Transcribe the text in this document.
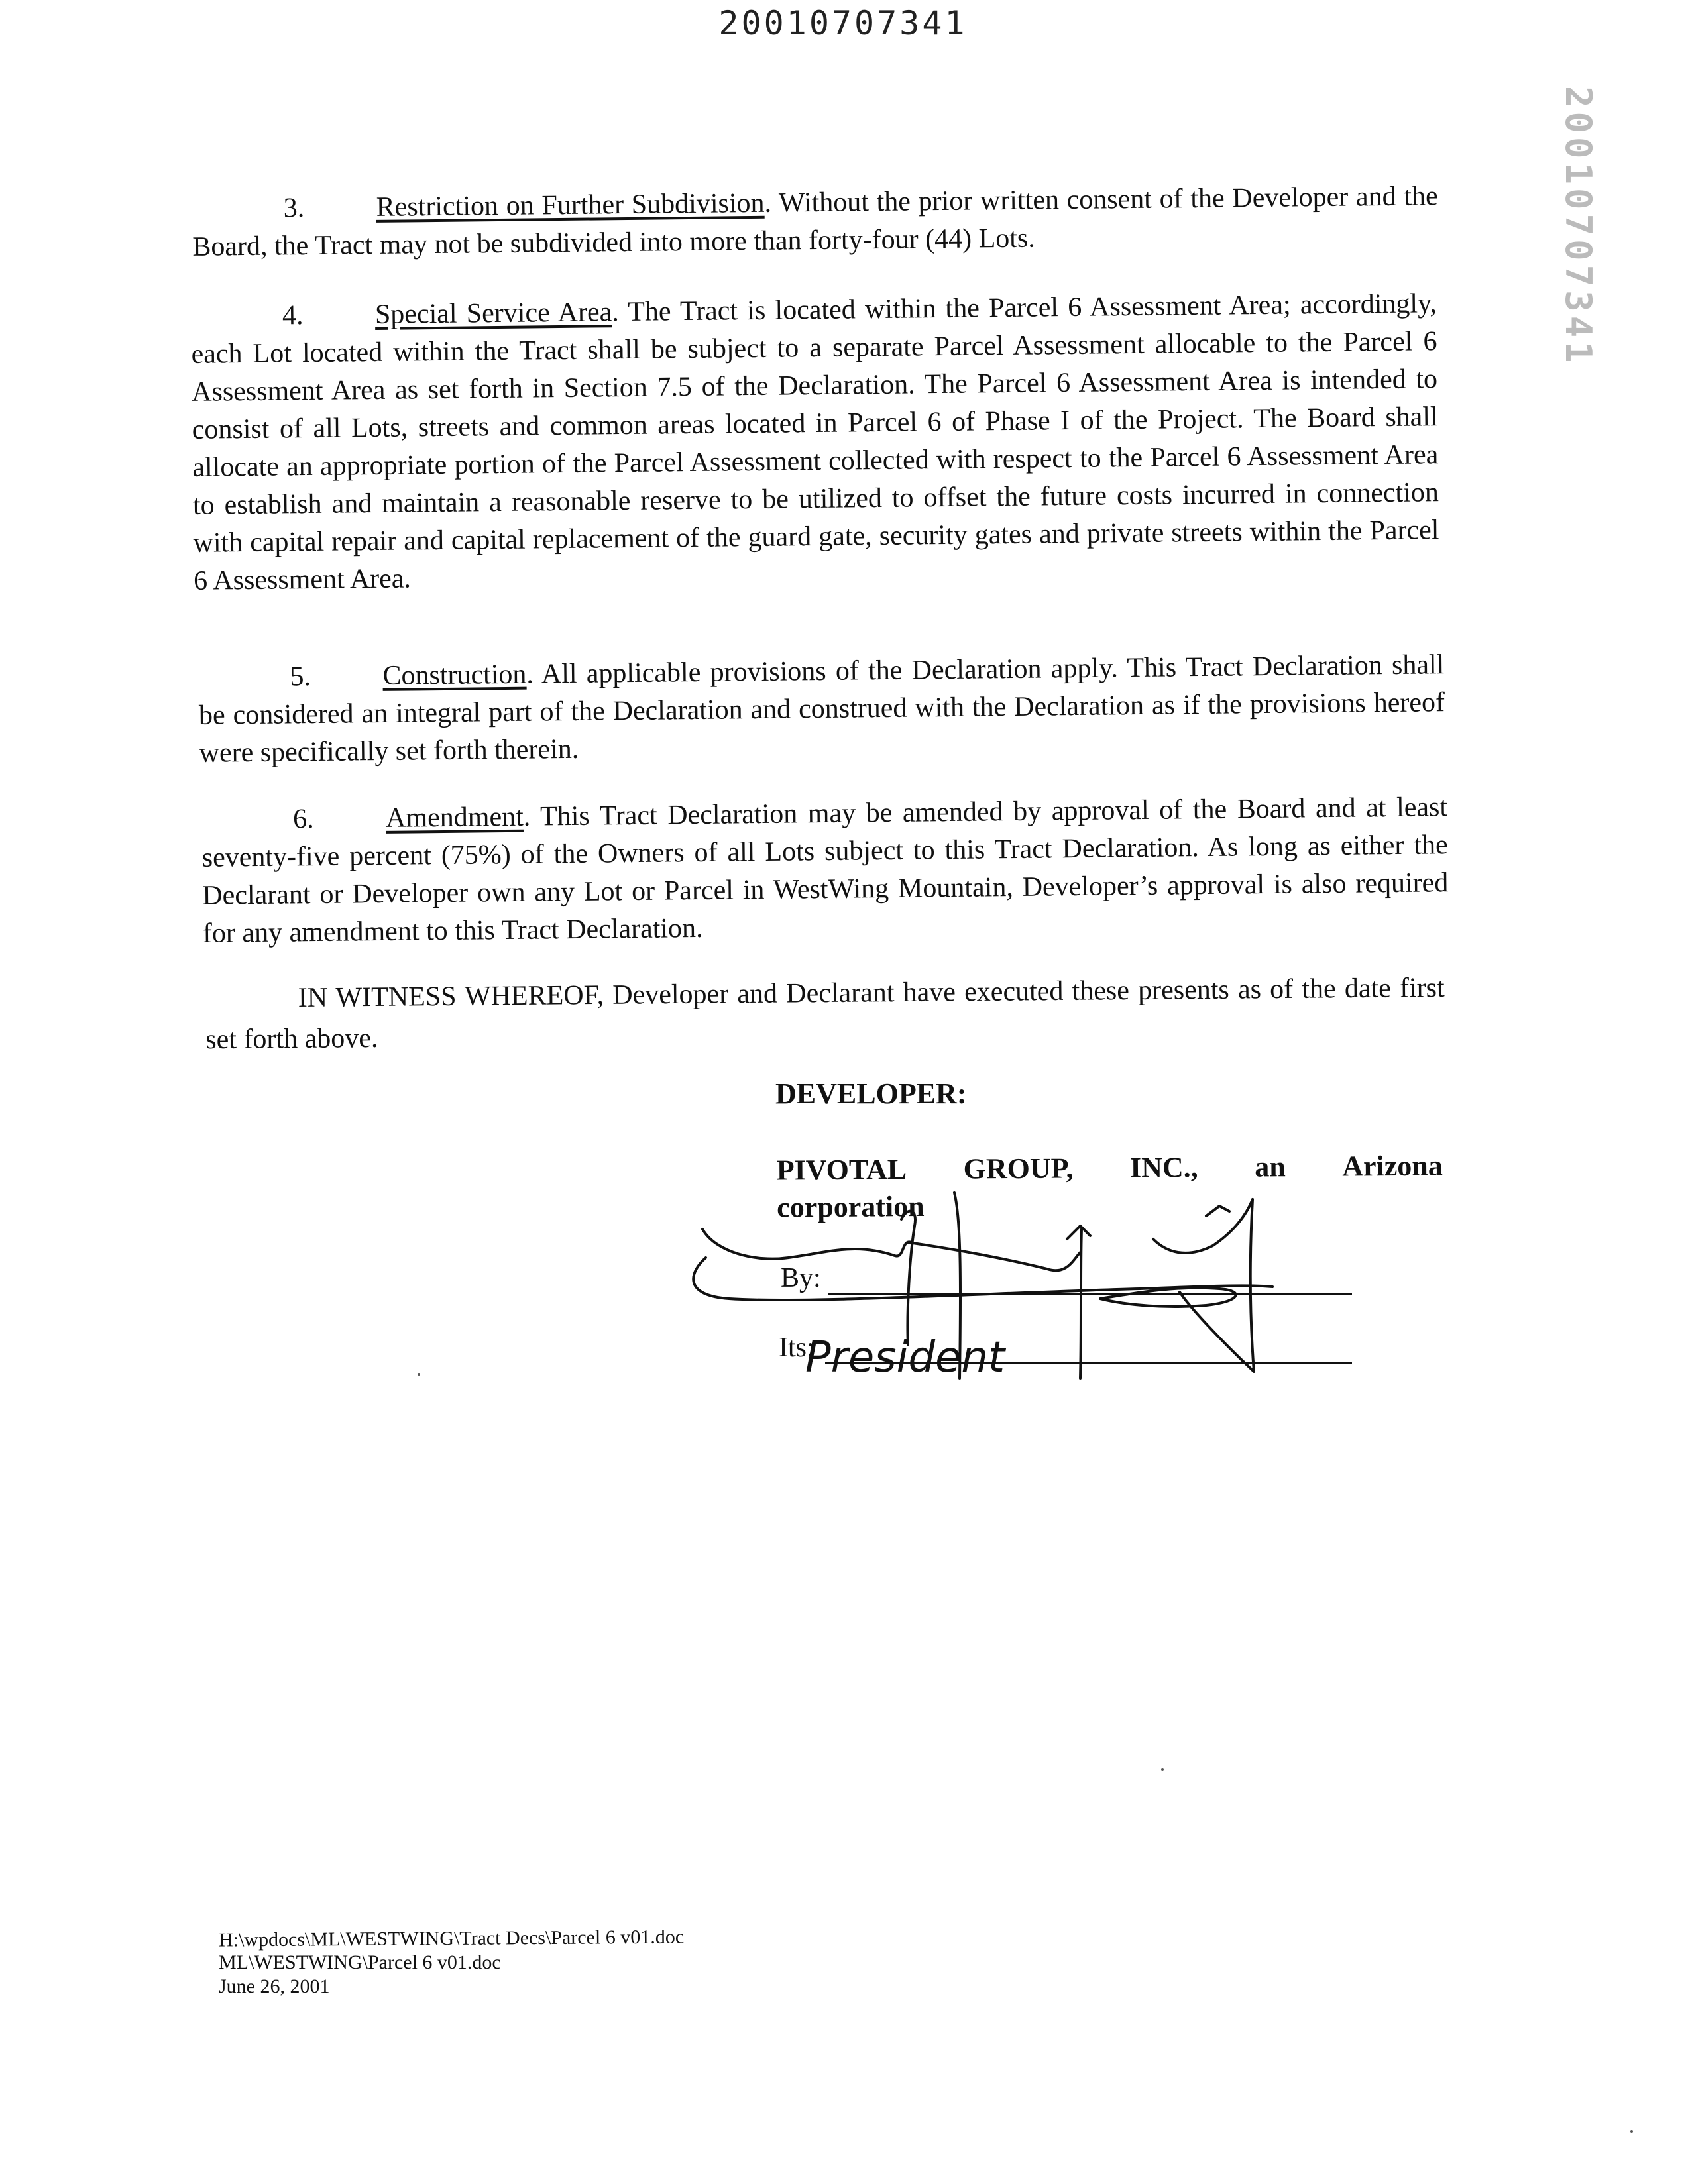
20010707341
20010707341
3.	Restriction on Further Subdivision. Without the prior written consent of the Developer and the Board, the Tract may not be subdivided into more than forty-four (44) Lots.
4.	Special Service Area. The Tract is located within the Parcel 6 Assessment Area; accordingly, each Lot located within the Tract shall be subject to a separate Parcel Assessment allocable to the Parcel 6 Assessment Area as set forth in Section 7.5 of the Declaration. The Parcel 6 Assessment Area is intended to consist of all Lots, streets and common areas located in Parcel 6 of Phase I of the Project. The Board shall allocate an appropriate portion of the Parcel Assessment collected with respect to the Parcel 6 Assessment Area to establish and maintain a reasonable reserve to be utilized to offset the future costs incurred in connection with capital repair and capital replacement of the guard gate, security gates and private streets within the Parcel 6 Assessment Area.
5.	Construction. All applicable provisions of the Declaration apply. This Tract Declaration shall be considered an integral part of the Declaration and construed with the Declaration as if the provisions hereof were specifically set forth therein.
6.	Amendment. This Tract Declaration may be amended by approval of the Board and at least seventy-five percent (75%) of the Owners of all Lots subject to this Tract Declaration. As long as either the Declarant or Developer own any Lot or Parcel in WestWing Mountain, Developer’s approval is also required for any amendment to this Tract Declaration.
IN WITNESS WHEREOF, Developer and Declarant have executed these presents as of the date first set forth above.
DEVELOPER:
PIVOTAL GROUP, INC., an Arizona
corporation
By:
Its:
President
H:\wpdocs\ML\WESTWING\Tract Decs\Parcel 6 v01.doc
ML\WESTWING\Parcel 6 v01.doc
June 26, 2001
